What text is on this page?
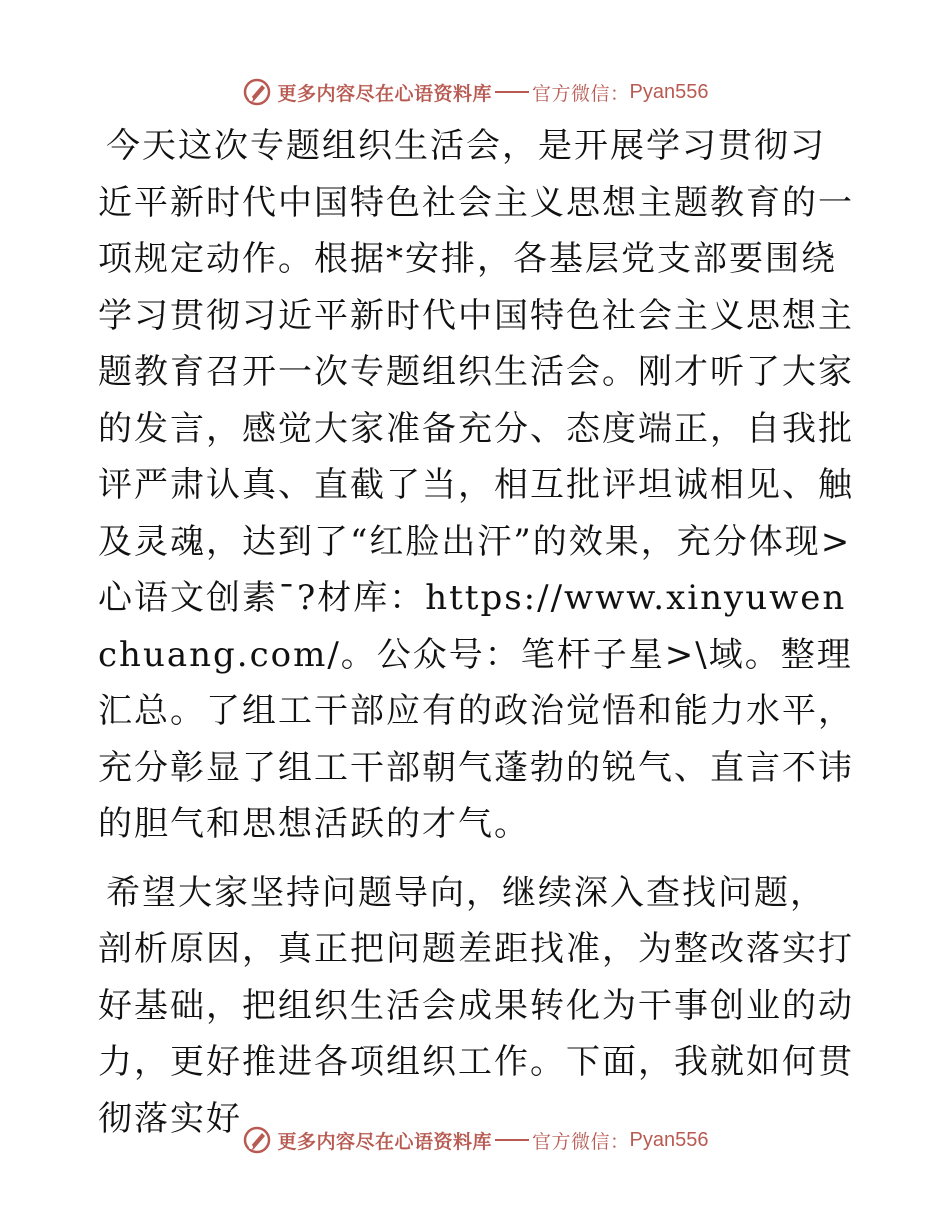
更多内容尽在心语资料库 官方微信： Pyan556

今天这次专题组织生活会，是开展学习贯彻习近平新时代中国特色社会主义思想主题教育的一项规定动作。根据*安排，各基层党支部要围绕学习贯彻习近平新时代中国特色社会主义思想主题教育召开一次专题组织生活会。刚才听了大家的发言，感觉大家准备充分、态度端正，自我批评严肃认真、直截了当，相互批评坦诚相见、触及灵魂，达到了“红脸出汗”的效果，充分体现>心语文创素¯?材库：https://www.xinyuwenchuang.com/。公众号：笔杆子星>\域。整理汇总。了组工干部应有的政治觉悟和能力水平，充分彰显了组工干部朝气蓬勃的锐气、直言不讳的胆气和思想活跃的才气。

希望大家坚持问题导向，继续深入查找问题，剖析原因，真正把问题差距找准，为整改落实打好基础，把组织生活会成果转化为干事创业的动力，更好推进各项组织工作。下面，我就如何贯彻落实好

更多内容尽在心语资料库 官方微信： Pyan556
